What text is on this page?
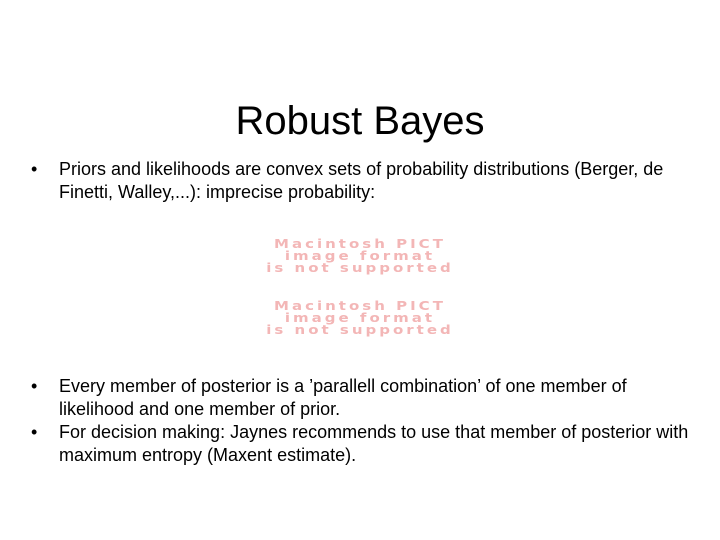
Robust Bayes
• Priors and likelihoods are convex sets of probability distributions (Berger, de Finetti, Walley,...): imprecise probability:
Macintosh PICT
image format
is not supported
Macintosh PICT
image format
is not supported
• Every member of posterior is a ’parallell combination’ of one member of likelihood and one member of prior.
• For decision making: Jaynes recommends to use that member of posterior with maximum entropy (Maxent estimate).
